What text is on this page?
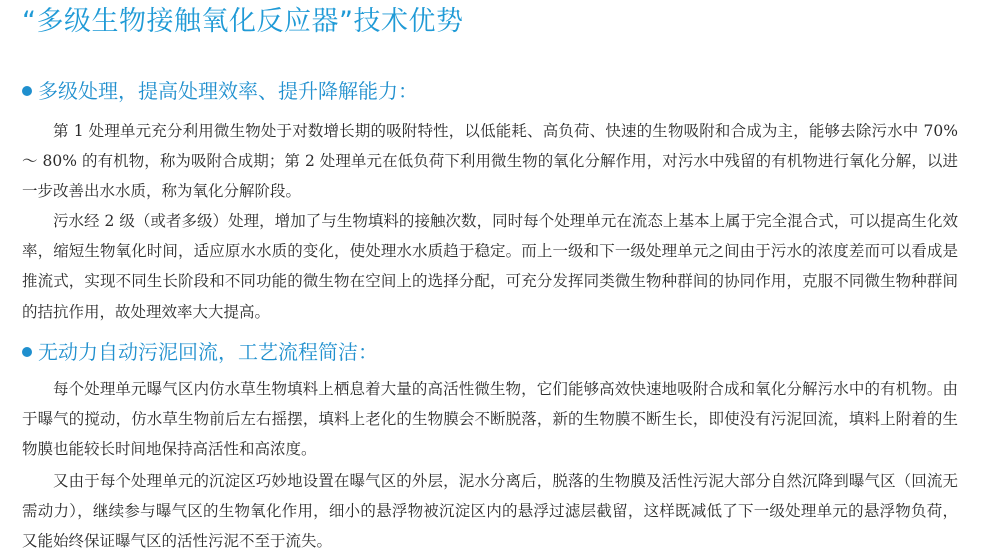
“多级生物接触氧化反应器”技术优势
多级处理，提高处理效率、提升降解能力：

第 1 处理单元充分利用微生物处于对数增长期的吸附特性，以低能耗、高负荷、快速的生物吸附和合成为主，能够去除污水中 70% ～ 80% 的有机物，称为吸附合成期；第 2 处理单元在低负荷下利用微生物的氧化分解作用，对污水中残留的有机物进行氧化分解，以进一步改善出水水质，称为氧化分解阶段。

污水经 2 级（或者多级）处理，增加了与生物填料的接触次数，同时每个处理单元在流态上基本上属于完全混合式，可以提高生化效率，缩短生物氧化时间，适应原水水质的变化，使处理水水质趋于稳定。而上一级和下一级处理单元之间由于污水的浓度差而可以看成是推流式，实现不同生长阶段和不同功能的微生物在空间上的选择分配，可充分发挥同类微生物种群间的协同作用，克服不同微生物种群间的拮抗作用，故处理效率大大提高。

无动力自动污泥回流，工艺流程简洁：

每个处理单元曝气区内仿水草生物填料上栖息着大量的高活性微生物，它们能够高效快速地吸附合成和氧化分解污水中的有机物。由于曝气的搅动，仿水草生物前后左右摇摆，填料上老化的生物膜会不断脱落，新的生物膜不断生长，即使没有污泥回流，填料上附着的生物膜也能较长时间地保持高活性和高浓度。

又由于每个处理单元的沉淀区巧妙地设置在曝气区的外层，泥水分离后，脱落的生物膜及活性污泥大部分自然沉降到曝气区（回流无需动力），继续参与曝气区的生物氧化作用，细小的悬浮物被沉淀区内的悬浮过滤层截留，这样既减低了下一级处理单元的悬浮物负荷，又能始终保证曝气区的活性污泥不至于流失。
